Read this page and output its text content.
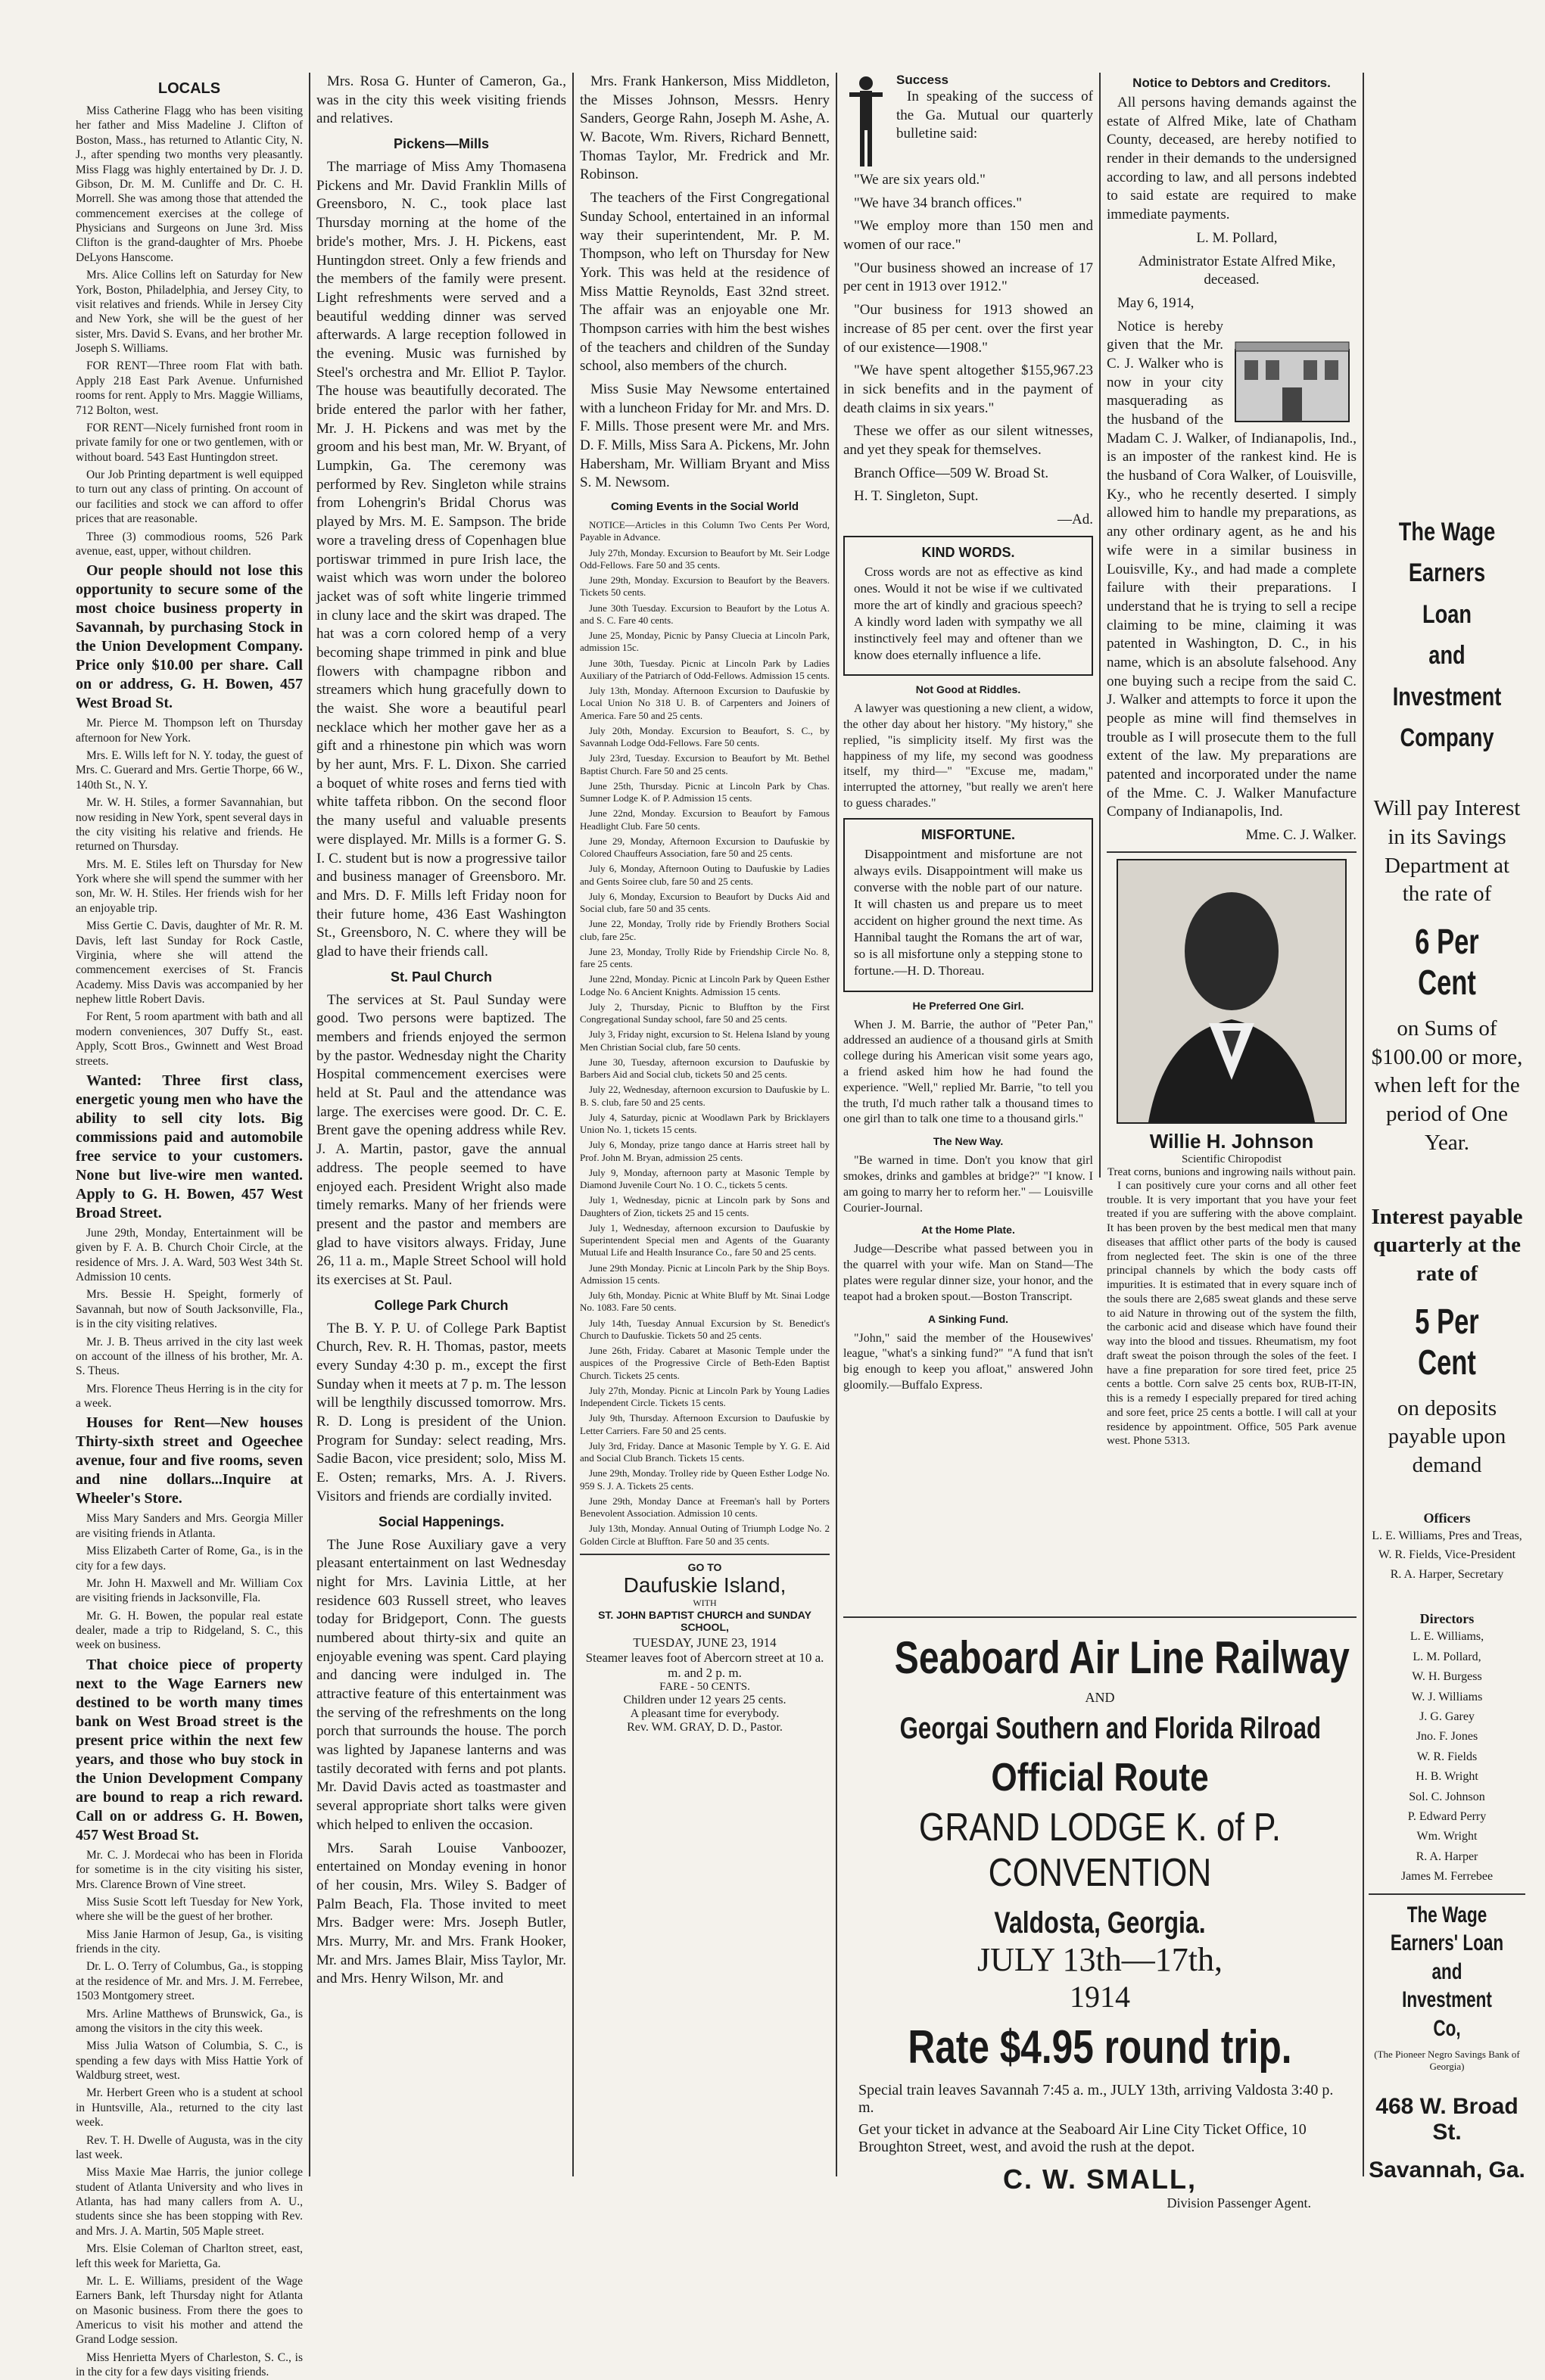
LOCALS
Miss Catherine Flagg who has been visiting her father and Miss Madeline J. Clifton of Boston, Mass., has returned to Atlantic City, N. J., after spending two months very pleasantly. Miss Flagg was highly entertained by Dr. J. D. Gibson, Dr. M. M. Cunliffe and Dr. C. H. Morrell. She was among those that attended the commencement exercises at the college of Physicians and Surgeons on June 3rd. Miss Clifton is the grand-daughter of Mrs. Phoebe DeLyons Hanscome.
Mrs. Alice Collins left on Saturday for New York, Boston, Philadelphia, and Jersey City, to visit relatives and friends. While in Jersey City and New York, she will be the guest of her sister, Mrs. David S. Evans, and her brother Mr. Joseph S. Williams.
FOR RENT—Three room Flat with bath. Apply 218 East Park Avenue. Unfurnished rooms for rent. Apply to Mrs. Maggie Williams, 712 Bolton, west.
FOR RENT—Nicely furnished front room in private family for one or two gentlemen, with or without board. 543 East Huntingdon street.
Our Job Printing department is well equipped to turn out any class of printing. On account of our facilities and stock we can afford to offer prices that are reasonable.
Three (3) commodious rooms, 526 Park avenue, east, upper, without children.
Our people should not lose this opportunity to secure some of the most choice business property in Savannah, by purchasing Stock in the Union Development Company. Price only $10.00 per share. Call on or address, G. H. Bowen, 457 West Broad St.
Mr. Pierce M. Thompson left on Thursday afternoon for New York.
Mrs. E. Wills left for N. Y. today, the guest of Mrs. C. Guerard and Mrs. Gertie Thorpe, 66 W., 140th St., N. Y.
Mr. W. H. Stiles, a former Savannahian, but now residing in New York, spent several days in the city visiting his relative and friends. He returned on Thursday.
Mrs. M. E. Stiles left on Thursday for New York where she will spend the summer with her son, Mr. W. H. Stiles. Her friends wish for her an enjoyable trip.
Miss Gertie C. Davis, daughter of Mr. R. M. Davis, left last Sunday for Rock Castle, Virginia, where she will attend the commencement exercises of St. Francis Academy. Miss Davis was accompanied by her nephew little Robert Davis.
For Rent, 5 room apartment with bath and all modern conveniences, 307 Duffy St., east. Apply, Scott Bros., Gwinnett and West Broad streets.
Wanted: Three first class, energetic young men who have the ability to sell city lots. Big commissions paid and automobile free service to your customers. None but live-wire men wanted. Apply to G. H. Bowen, 457 West Broad Street.
June 29th, Monday, Entertainment will be given by F. A. B. Church Choir Circle, at the residence of Mrs. J. A. Ward, 503 West 34th St. Admission 10 cents.
Mrs. Bessie H. Speight, formerly of Savannah, but now of South Jacksonville, Fla., is in the city visiting relatives.
Mr. J. B. Theus arrived in the city last week on account of the illness of his brother, Mr. A. S. Theus.
Mrs. Florence Theus Herring is in the city for a week.
Houses for Rent—New houses Thirty-sixth street and Ogeechee avenue, four and five rooms, seven and nine dollars...Inquire at Wheeler's Store.
Miss Mary Sanders and Mrs. Georgia Miller are visiting friends in Atlanta.
Miss Elizabeth Carter of Rome, Ga., is in the city for a few days.
Mr. John H. Maxwell and Mr. William Cox are visiting friends in Jacksonville, Fla.
Mr. G. H. Bowen, the popular real estate dealer, made a trip to Ridgeland, S. C., this week on business.
That choice piece of property next to the Wage Earners new destined to be worth many times bank on West Broad street is the present price within the next few years, and those who buy stock in the Union Development Company are bound to reap a rich reward. Call on or address G. H. Bowen, 457 West Broad St.
Mr. C. J. Mordecai who has been in Florida for sometime is in the city visiting his sister, Mrs. Clarence Brown of Vine street.
Miss Susie Scott left Tuesday for New York, where she will be the guest of her brother.
Miss Janie Harmon of Jesup, Ga., is visiting friends in the city.
Dr. L. O. Terry of Columbus, Ga., is stopping at the residence of Mr. and Mrs. J. M. Ferrebee, 1503 Montgomery street.
Mrs. Arline Matthews of Brunswick, Ga., is among the visitors in the city this week.
Miss Julia Watson of Columbia, S. C., is spending a few days with Miss Hattie York of Waldburg street, west.
Mr. Herbert Green who is a student at school in Huntsville, Ala., returned to the city last week.
Rev. T. H. Dwelle of Augusta, was in the city last week.
Miss Maxie Mae Harris, the junior college student of Atlanta University and who lives in Atlanta, has had many callers from A. U., students since she has been stopping with Rev. and Mrs. J. A. Martin, 505 Maple street.
Mrs. Elsie Coleman of Charlton street, east, left this week for Marietta, Ga.
Mr. L. E. Williams, president of the Wage Earners Bank, left Thursday night for Atlanta on Masonic business. From there the goes to Americus to visit his mother and attend the Grand Lodge session.
Miss Henrietta Myers of Charleston, S. C., is in the city for a few days visiting friends.
Mrs. Rosa G. Hunter of Cameron, Ga., was in the city this week visiting friends and relatives.
Pickens—Mills
The marriage of Miss Amy Thomasena Pickens and Mr. David Franklin Mills of Greensboro, N. C., took place last Thursday morning at the home of the bride's mother, Mrs. J. H. Pickens, east Huntingdon street. Only a few friends and the members of the family were present. Light refreshments were served and a beautiful wedding dinner was served afterwards. A large reception followed in the evening. Music was furnished by Steel's orchestra and Mr. Elliot P. Taylor. The house was beautifully decorated. The bride entered the parlor with her father, Mr. J. H. Pickens and was met by the groom and his best man, Mr. W. Bryant, of Lumpkin, Ga. The ceremony was performed by Rev. Singleton while strains from Lohengrin's Bridal Chorus was played by Mrs. M. E. Sampson. The bride wore a traveling dress of Copenhagen blue portiswar trimmed in pure Irish lace, the waist which was worn under the boloreo jacket was of soft white lingerie trimmed in cluny lace and the skirt was draped. The hat was a corn colored hemp of a very becoming shape trimmed in pink and blue flowers with champagne ribbon and streamers which hung gracefully down to the waist. She wore a beautiful pearl necklace which her mother gave her as a gift and a rhinestone pin which was worn by her aunt, Mrs. F. L. Dixon. She carried a boquet of white roses and ferns tied with white taffeta ribbon. On the second floor the many useful and valuable presents were displayed. Mr. Mills is a former G. S. I. C. student but is now a progressive tailor and business manager of Greensboro. Mr. and Mrs. D. F. Mills left Friday noon for their future home, 436 East Washington St., Greensboro, N. C. where they will be glad to have their friends call.
St. Paul Church
The services at St. Paul Sunday were good. Two persons were baptized. The members and friends enjoyed the sermon by the pastor. Wednesday night the Charity Hospital commencement exercises were held at St. Paul and the attendance was large. The exercises were good. Dr. C. E. Brent gave the opening address while Rev. J. A. Martin, pastor, gave the annual address. The people seemed to have enjoyed each. President Wright also made timely remarks. Many of her friends were present and the pastor and members are glad to have visitors always. Friday, June 26, 11 a. m., Maple Street School will hold its exercises at St. Paul.
College Park Church
The B. Y. P. U. of College Park Baptist Church, Rev. R. H. Thomas, pastor, meets every Sunday 4:30 p. m., except the first Sunday when it meets at 7 p. m. The lesson will be lengthily discussed tomorrow. Mrs. R. D. Long is president of the Union. Program for Sunday: select reading, Mrs. Sadie Bacon, vice president; solo, Miss M. E. Osten; remarks, Mrs. A. J. Rivers. Visitors and friends are cordially invited.
Social Happenings.
The June Rose Auxiliary gave a very pleasant entertainment on last Wednesday night for Mrs. Lavinia Little, at her residence 603 Russell street, who leaves today for Bridgeport, Conn. The guests numbered about thirty-six and quite an enjoyable evening was spent. Card playing and dancing were indulged in. The attractive feature of this entertainment was the serving of the refreshments on the long porch that surrounds the house. The porch was lighted by Japanese lanterns and was tastily decorated with ferns and pot plants. Mr. David Davis acted as toastmaster and several appropriate short talks were given which helped to enliven the occasion.
Mrs. Sarah Louise Vanboozer, entertained on Monday evening in honor of her cousin, Mrs. Wiley S. Badger of Palm Beach, Fla. Those invited to meet Mrs. Badger were: Mrs. Joseph Butler, Mrs. Murry, Mr. and Mrs. Frank Hooker, Mr. and Mrs. James Blair, Miss Taylor, Mr. and Mrs. Henry Wilson, Mr. and
Mrs. Frank Hankerson, Miss Middleton, the Misses Johnson, Messrs. Henry Sanders, George Rahn, Joseph M. Ashe, A. W. Bacote, Wm. Rivers, Richard Bennett, Thomas Taylor, Mr. Fredrick and Mr. Robinson.
The teachers of the First Congregational Sunday School, entertained in an informal way their superintendent, Mr. P. M. Thompson, who left on Thursday for New York. This was held at the residence of Miss Mattie Reynolds, East 32nd street. The affair was an enjoyable one Mr. Thompson carries with him the best wishes of the teachers and children of the Sunday school, also members of the church.
Miss Susie May Newsome entertained with a luncheon Friday for Mr. and Mrs. D. F. Mills. Those present were Mr. and Mrs. D. F. Mills, Miss Sara A. Pickens, Mr. John Habersham, Mr. William Bryant and Miss S. M. Newsom.
Coming Events in the Social World
NOTICE—Articles in this Column Two Cents Per Word, Payable in Advance.
July 27th, Monday. Excursion to Beaufort by Mt. Seir Lodge Odd-Fellows. Fare 50 and 35 cents.
June 29th, Monday. Excursion to Beaufort by the Beavers. Tickets 50 cents.
June 30th Tuesday. Excursion to Beaufort by the Lotus A. and S. C. Fare 40 cents.
June 25, Monday, Picnic by Pansy Cluecia at Lincoln Park, admission 15c.
June 30th, Tuesday. Picnic at Lincoln Park by Ladies Auxiliary of the Patriarch of Odd-Fellows. Admission 15 cents.
July 13th, Monday. Afternoon Excursion to Daufuskie by Local Union No 318 U. B. of Carpenters and Joiners of America. Fare 50 and 25 cents.
July 20th, Monday. Excursion to Beaufort, S. C., by Savannah Lodge Odd-Fellows. Fare 50 cents.
July 23rd, Tuesday. Excursion to Beaufort by Mt. Bethel Baptist Church. Fare 50 and 25 cents.
June 25th, Thursday. Picnic at Lincoln Park by Chas. Sumner Lodge K. of P. Admission 15 cents.
June 22nd, Monday. Excursion to Beaufort by Famous Headlight Club. Fare 50 cents.
June 29, Monday, Afternoon Excursion to Daufuskie by Colored Chauffeurs Association, fare 50 and 25 cents.
July 6, Monday, Afternoon Outing to Daufuskie by Ladies and Gents Soiree club, fare 50 and 25 cents.
July 6, Monday, Excursion to Beaufort by Ducks Aid and Social club, fare 50 and 35 cents.
June 22, Monday, Trolly ride by Friendly Brothers Social club, fare 25c.
June 23, Monday, Trolly Ride by Friendship Circle No. 8, fare 25 cents.
June 22nd, Monday. Picnic at Lincoln Park by Queen Esther Lodge No. 6 Ancient Knights. Admission 15 cents.
July 2, Thursday, Picnic to Bluffton by the First Congregational Sunday school, fare 50 and 25 cents.
July 3, Friday night, excursion to St. Helena Island by young Men Christian Social club, fare 50 cents.
June 30, Tuesday, afternoon excursion to Daufuskie by Barbers Aid and Social club, tickets 50 and 25 cents.
July 22, Wednesday, afternoon excursion to Daufuskie by L. B. S. club, fare 50 and 25 cents.
July 4, Saturday, picnic at Woodlawn Park by Bricklayers Union No. 1, tickets 15 cents.
July 6, Monday, prize tango dance at Harris street hall by Prof. John M. Bryan, admission 25 cents.
July 9, Monday, afternoon party at Masonic Temple by Diamond Juvenile Court No. 1 O. C., tickets 5 cents.
July 1, Wednesday, picnic at Lincoln park by Sons and Daughters of Zion, tickets 25 and 15 cents.
July 1, Wednesday, afternoon excursion to Daufuskie by Superintendent Special men and Agents of the Guaranty Mutual Life and Health Insurance Co., fare 50 and 25 cents.
June 29th Monday. Picnic at Lincoln Park by the Ship Boys. Admission 15 cents.
July 6th, Monday. Picnic at White Bluff by Mt. Sinai Lodge No. 1083. Fare 50 cents.
July 14th, Tuesday Annual Excursion by St. Benedict's Church to Daufuskie. Tickets 50 and 25 cents.
June 26th, Friday. Cabaret at Masonic Temple under the auspices of the Progressive Circle of Beth-Eden Baptist Church. Tickets 25 cents.
July 27th, Monday. Picnic at Lincoln Park by Young Ladies Independent Circle. Tickets 15 cents.
July 9th, Thursday. Afternoon Excursion to Daufuskie by Letter Carriers. Fare 50 and 25 cents.
July 3rd, Friday. Dance at Masonic Temple by Y. G. E. Aid and Social Club Branch. Tickets 15 cents.
June 29th, Monday. Trolley ride by Queen Esther Lodge No. 959 S. J. A. Tickets 25 cents.
June 29th, Monday Dance at Freeman's hall by Porters Benevolent Association. Admission 10 cents.
July 13th, Monday. Annual Outing of Triumph Lodge No. 2 Golden Circle at Bluffton. Fare 50 and 35 cents.
GO TO
Daufuskie Island,
WITH
ST. JOHN BAPTIST CHURCH and SUNDAY SCHOOL,
TUESDAY, JUNE 23, 1914
Steamer leaves foot of Abercorn street at 10 a. m. and 2 p. m.
FARE - 50 CENTS.
Children under 12 years 25 cents.
A pleasant time for everybody.
Rev. WM. GRAY, D. D., Pastor.
Success
In speaking of the success of the Ga. Mutual our quarterly bulletine said:
"We are six years old."
"We have 34 branch offices."
"We employ more than 150 men and women of our race."
"Our business showed an increase of 17 per cent in 1913 over 1912."
"Our business for 1913 showed an increase of 85 per cent. over the first year of our existence—1908."
"We have spent altogether $155,967.23 in sick benefits and in the payment of death claims in six years."
These we offer as our silent witnesses, and yet they speak for themselves.
Branch Office—509 W. Broad St.
H. T. Singleton, Supt.
—Ad.
KIND WORDS.
Cross words are not as effective as kind ones. Would it not be wise if we cultivated more the art of kindly and gracious speech? A kindly word laden with sympathy we all instinctively feel may and oftener than we know does eternally influence a life.
Not Good at Riddles.
A lawyer was questioning a new client, a widow, the other day about her history. "My history," she replied, "is simplicity itself. My first was the happiness of my life, my second was goodness itself, my third—" "Excuse me, madam," interrupted the attorney, "but really we aren't here to guess charades."
MISFORTUNE.
Disappointment and misfortune are not always evils. Disappointment will make us converse with the noble part of our nature. It will chasten us and prepare us to meet accident on higher ground the next time. As Hannibal taught the Romans the art of war, so is all misfortune only a stepping stone to fortune.—H. D. Thoreau.
He Preferred One Girl.
When J. M. Barrie, the author of "Peter Pan," addressed an audience of a thousand girls at Smith college during his American visit some years ago, a friend asked him how he had found the experience. "Well," replied Mr. Barrie, "to tell you the truth, I'd much rather talk a thousand times to one girl than to talk one time to a thousand girls."
The New Way.
"Be warned in time. Don't you know that girl smokes, drinks and gambles at bridge?" "I know. I am going to marry her to reform her." — Louisville Courier-Journal.
At the Home Plate.
Judge—Describe what passed between you in the quarrel with your wife. Man on Stand—The plates were regular dinner size, your honor, and the teapot had a broken spout.—Boston Transcript.
A Sinking Fund.
"John," said the member of the Housewives' league, "what's a sinking fund?" "A fund that isn't big enough to keep you afloat," answered John gloomily.—Buffalo Express.
Notice to Debtors and Creditors.
All persons having demands against the estate of Alfred Mike, late of Chatham County, deceased, are hereby notified to render in their demands to the undersigned according to law, and all persons indebted to said estate are required to make immediate payments.
L. M. Pollard,
Administrator Estate Alfred Mike, deceased.
May 6, 1914,
Notice is hereby given that the Mr. C. J. Walker who is now in your city masquerading as the husband of the Madam C. J. Walker, of Indianapolis, Ind., is an imposter of the rankest kind. He is the husband of Cora Walker, of Louisville, Ky., who he recently deserted. I simply allowed him to handle my preparations, as any other ordinary agent, as he and his wife were in a similar business in Louisville, Ky., and had made a complete failure with their preparations. I understand that he is trying to sell a recipe claiming to be mine, claiming it was patented in Washington, D. C., in his name, which is an absolute falsehood. Any one buying such a recipe from the said C. J. Walker and attempts to force it upon the people as mine will find themselves in trouble as I will prosecute them to the full extent of the law. My preparations are patented and incorporated under the name of the Mme. C. J. Walker Manufacture Company of Indianapolis, Ind.
Mme. C. J. Walker.
Willie H. Johnson
Scientific Chiropodist
Treat corns, bunions and ingrowing nails without pain.
I can positively cure your corns and all other feet trouble. It is very important that you have your feet treated if you are suffering with the above complaint. It has been proven by the best medical men that many diseases that afflict other parts of the body is caused from neglected feet. The skin is one of the three principal channels by which the body casts off impurities. It is estimated that in every square inch of the souls there are 2,685 sweat glands and these serve to aid Nature in throwing out of the system the filth, the carbonic acid and disease which have found their way into the blood and tissues. Rheumatism, my foot draft sweat the poison through the soles of the feet. I have a fine preparation for sore tired feet, price 25 cents a bottle. Corn salve 25 cents box, RUB-IT-IN, this is a remedy I especially prepared for tired aching and sore feet, price 25 cents a bottle. I will call at your residence by appointment. Office, 505 Park avenue west. Phone 5313.
The Wage
Earners
Loan
and
Investment
Company
Will pay Interest in its Savings Department at the rate of
6 Per Cent
on Sums of $100.00 or more, when left for the period of One Year.
Interest payable quarterly at the rate of
5 Per Cent
on deposits payable upon demand
Officers
L. E. Williams, Pres and Treas,
W. R. Fields, Vice-President
R. A. Harper, Secretary
Directors
L. E. Williams,
L. M. Pollard,
W. H. Burgess
W. J. Williams
J. G. Garey
Jno. F. Jones
W. R. Fields
H. B. Wright
Sol. C. Johnson
P. Edward Perry
Wm. Wright
R. A. Harper
James M. Ferrebee
The Wage Earners' Loan and Investment Co,
(The Pioneer Negro Savings Bank of Georgia)
468 W. Broad St.
Savannah, Ga.
Seaboard Air Line Railway
AND
Georgai Southern and Florida Rilroad
Official Route
GRAND LODGE K. of P.
CONVENTION
Valdosta, Georgia.
JULY 13th—17th,
1914
Rate $4.95 round trip.
Special train leaves Savannah 7:45 a. m., JULY 13th, arriving Valdosta 3:40 p. m.
Get your ticket in advance at the Seaboard Air Line City Ticket Office, 10 Broughton Street, west, and avoid the rush at the depot.
C. W. SMALL,
Division Passenger Agent.
